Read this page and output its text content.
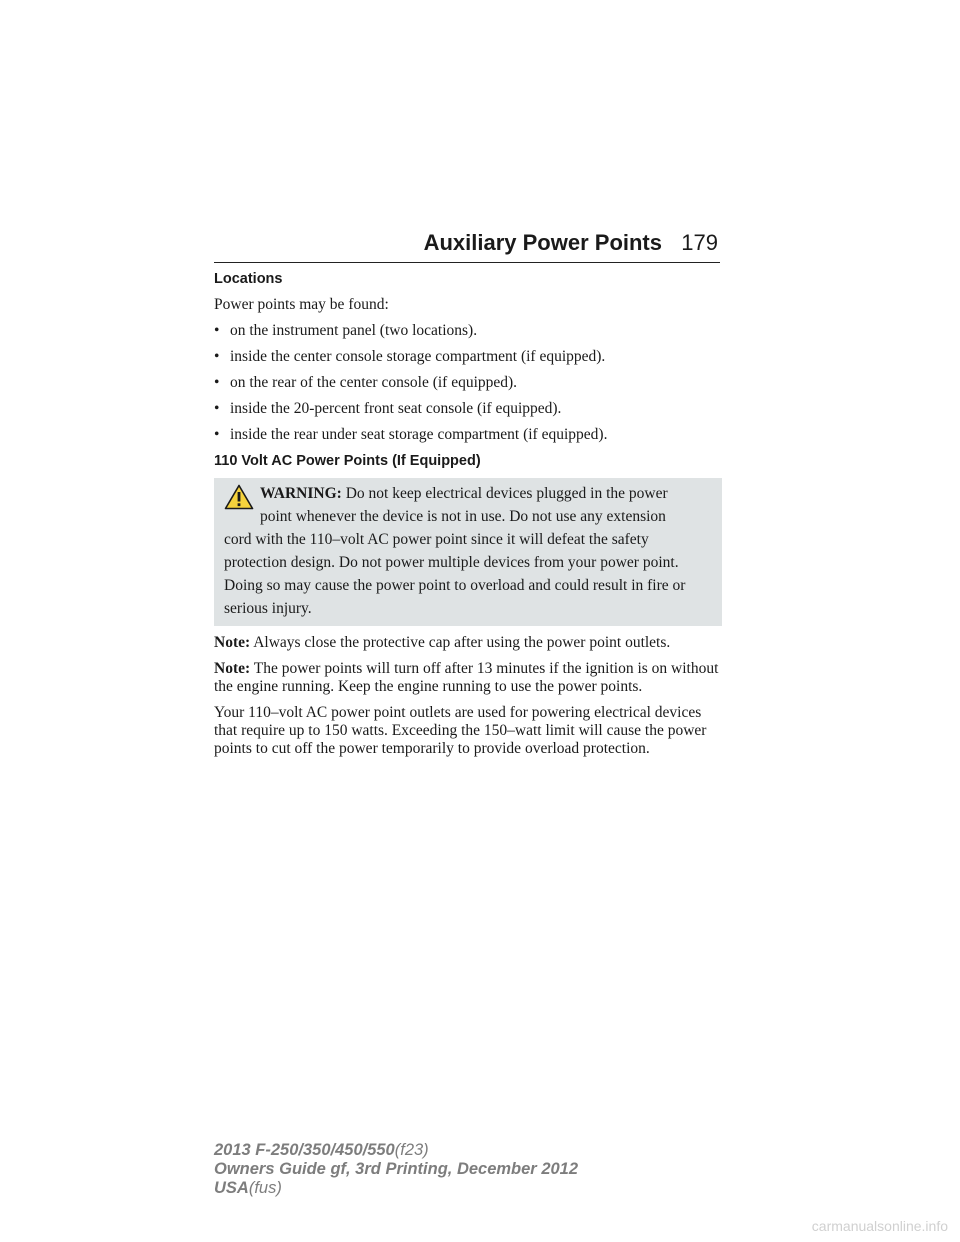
Auxiliary Power Points 179
Locations
Power points may be found:
• on the instrument panel (two locations).
• inside the center console storage compartment (if equipped).
• on the rear of the center console (if equipped).
• inside the 20-percent front seat console (if equipped).
• inside the rear under seat storage compartment (if equipped).
110 Volt AC Power Points (If Equipped)
WARNING: Do not keep electrical devices plugged in the power
point whenever the device is not in use. Do not use any extension
cord with the 110–volt AC power point since it will defeat the safety protection design. Do not power multiple devices from your power point. Doing so may cause the power point to overload and could result in fire or serious injury.
Note: Always close the protective cap after using the power point outlets.
Note: The power points will turn off after 13 minutes if the ignition is on without the engine running. Keep the engine running to use the power points.
Your 110–volt AC power point outlets are used for powering electrical devices that require up to 150 watts. Exceeding the 150–watt limit will cause the power points to cut off the power temporarily to provide overload protection.
2013 F-250/350/450/550(f23)
Owners Guide gf, 3rd Printing, December 2012
USA(fus)
carmanualsonline.info
